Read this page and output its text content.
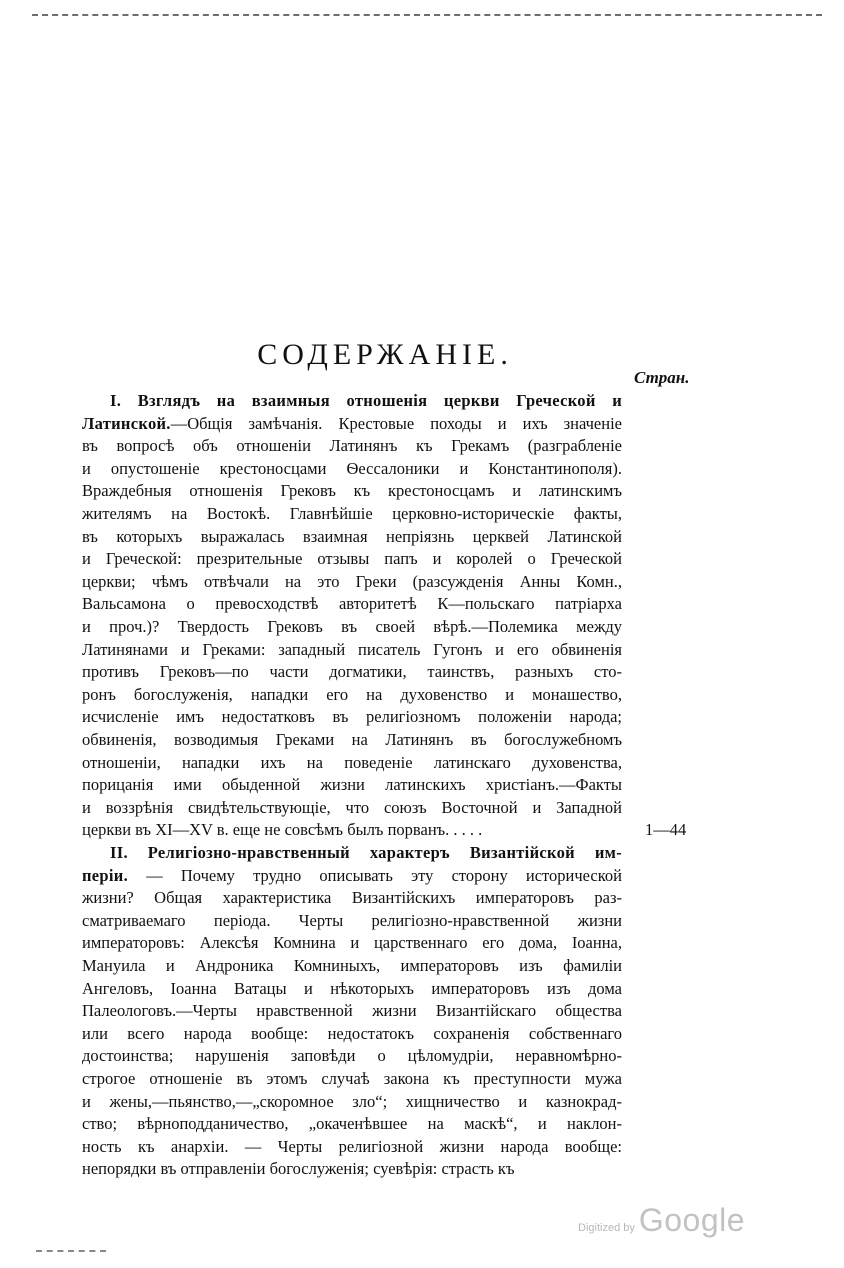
СОДЕРЖАНІЕ.
Стран.
I. Взглядъ на взаимныя отношенія церкви Греческой и
Латинской.—Общія замѣчанія. Крестовые походы и ихъ значеніе
въ вопросѣ объ отношеніи Латинянъ къ Грекамъ (разграбленіе
и опустошеніе крестоносцами Ѳессалоники и Константинополя).
Враждебныя отношенія Грековъ къ крестоносцамъ и латинскимъ
жителямъ на Востокѣ. Главнѣйшіе церковно-историческіе факты,
въ которыхъ выражалась взаимная непріязнь церквей Латинской
и Греческой: презрительные отзывы папъ и королей о Греческой
церкви; чѣмъ отвѣчали на это Греки (разсужденія Анны Комн.,
Вальсамона о превосходствѣ авторитетѣ К—польскаго патріарха
и проч.)? Твердость Грековъ въ своей вѣрѣ.—Полемика между
Латинянами и Греками: западный писатель Гугонъ и его обвиненія
противъ Грековъ—по части догматики, таинствъ, разныхъ сто-
ронъ богослуженія, нападки его на духовенство и монашество,
исчисленіе имъ недостатковъ въ религіозномъ положеніи народа;
обвиненія, возводимыя Греками на Латинянъ въ богослужебномъ
отношеніи, нападки ихъ на поведеніе латинскаго духовенства,
порицанія ими обыденной жизни латинскихъ христіанъ.—Факты
и воззрѣнія свидѣтельствующіе, что союзъ Восточной и Западной
церкви въ XI—XV в. еще не совсѣмъ былъ порванъ. . . . .	1—44
II. Религіозно-нравственный характеръ Византійской им-
періи. — Почему трудно описывать эту сторону исторической
жизни? Общая характеристика Византійскихъ императоровъ раз-
сматриваемаго періода. Черты религіозно-нравственной жизни
императоровъ: Алексѣя Комнина и царственнаго его дома, Іоанна,
Мануила и Андроника Комниныхъ, императоровъ изъ фамиліи
Ангеловъ, Іоанна Ватацы и нѣкоторыхъ императоровъ изъ дома
Палеологовъ.—Черты нравственной жизни Византійскаго общества
или всего народа вообще: недостатокъ сохраненія собственнаго
достоинства; нарушенія заповѣди о цѣломудріи, неравномѣрно-
строгое отношеніе въ этомъ случаѣ закона къ преступности мужа
и жены,—пьянство,—„скоромное зло“; хищничество и казнокрад-
ство; вѣрноподданичество, „окаченѣвшее на маскѣ“, и наклон-
ность къ анархіи. — Черты религіозной жизни народа вообще:
непорядки въ отправленіи богослуженія; суевѣрія: страсть къ
Digitized by Google
